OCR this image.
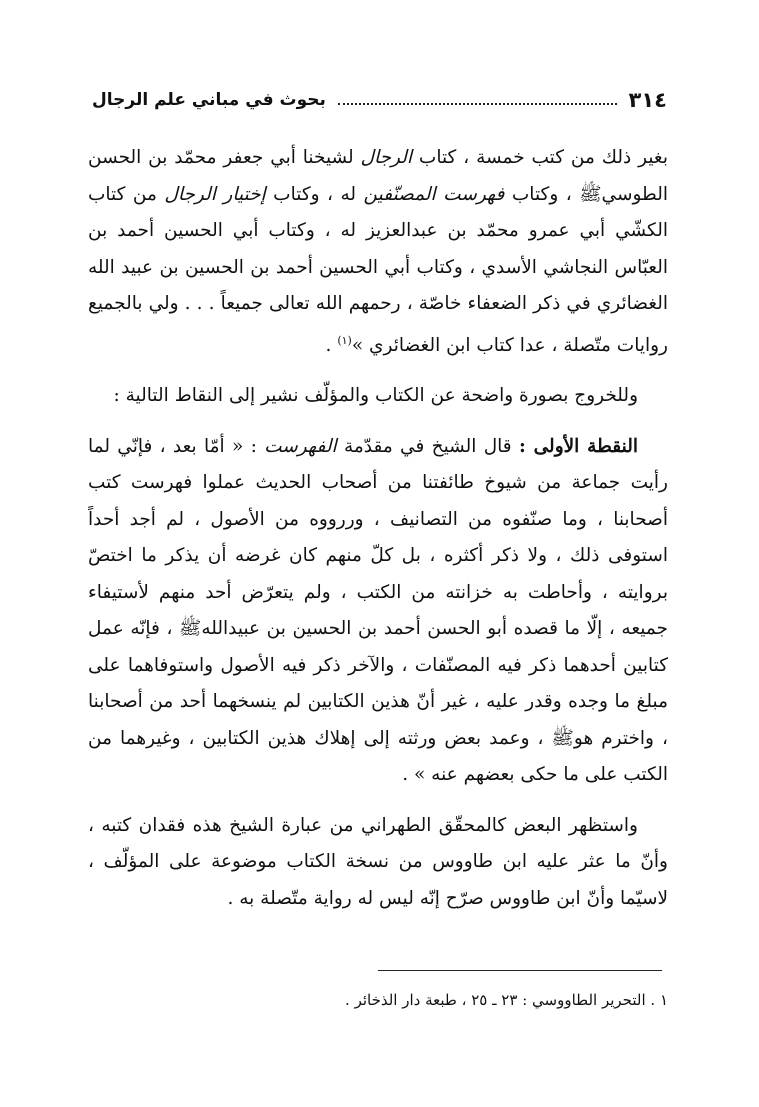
٣١٤
بحوث في مباني علم الرجال

بغير ذلك من كتب خمسة ، كتاب الرجال لشيخنا أبي جعفر محمّد بن الحسن الطوسيﷺ ، وكتاب فهرست المصنّفين له ، وكتاب إختيار الرجال من كتاب الكشّي أبي عمرو محمّد بن عبدالعزيز له ، وكتاب أبي الحسين أحمد بن العبّاس النجاشي الأسدي ، وكتاب أبي الحسين أحمد بن الحسين بن عبيد الله الغضائري في ذكر الضعفاء خاصّة ، رحمهم الله تعالى جميعاً . . . ولي بالجميع روايات متّصلة ، عدا كتاب ابن الغضائري »$^{(١)}$ .

وللخروج بصورة واضحة عن الكتاب والمؤلّف نشير إلى النقاط التالية :

النقطة الأولى : قال الشيخ في مقدّمة الفهرست : « أمّا بعد ، فإنّي لما رأيت جماعة من شيوخ طائفتنا من أصحاب الحديث عملوا فهرست كتب أصحابنا ، وما صنّفوه من التصانيف ، وررووه من الأصول ، لم أجد أحداً استوفى ذلك ، ولا ذكر أكثره ، بل كلّ منهم كان غرضه أن يذكر ما اختصّ بروايته ، وأحاطت به خزانته من الكتب ، ولم يتعرّض أحد منهم لأستيفاء جميعه ، إلّا ما قصده أبو الحسن أحمد بن الحسين بن عبيداللهﷺ ، فإنّه عمل كتابين أحدهما ذكر فيه المصنّفات ، والآخر ذكر فيه الأصول واستوفاهما على مبلغ ما وجده وقدر عليه ، غير أنّ هذين الكتابين لم ينسخهما أحد من أصحابنا ، واخترم هوﷺ ، وعمد بعض ورثته إلى إهلاك هذين الكتابين ، وغيرهما من الكتب على ما حكى بعضهم عنه » .

واستظهر البعض كالمحقّق الطهراني من عبارة الشيخ هذه فقدان كتبه ، وأنّ ما عثر عليه ابن طاووس من نسخة الكتاب موضوعة على المؤلّف ، لاسيّما وأنّ ابن طاووس صرّح إنّه ليس له رواية متّصلة به .

١ . التحرير الطاووسي : ٢٣ ـ ٢٥ ، طبعة دار الذخائر .
